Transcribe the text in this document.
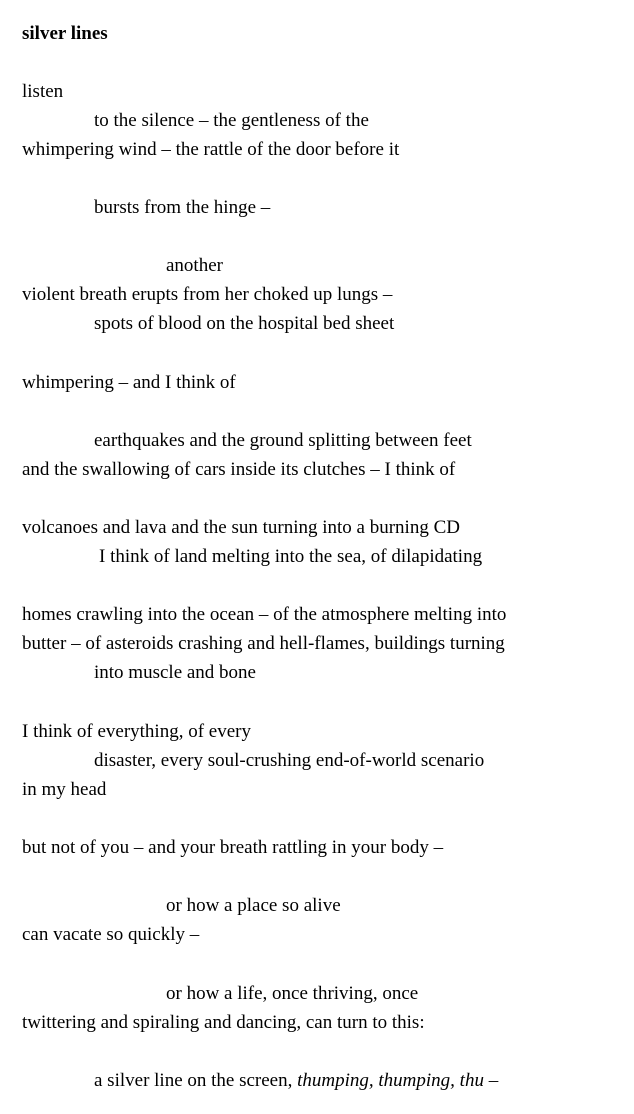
silver lines
listen
to the silence – the gentleness of the
whimpering wind – the rattle of the door before it
bursts from the hinge –
another
violent breath erupts from her choked up lungs –
spots of blood on the hospital bed sheet
whimpering – and I think of
earthquakes and the ground splitting between feet
and the swallowing of cars inside its clutches – I think of
volcanoes and lava and the sun turning into a burning CD
I think of land melting into the sea, of dilapidating
homes crawling into the ocean – of the atmosphere melting into
butter – of asteroids crashing and hell-flames, buildings turning
into muscle and bone
I think of everything, of every
disaster, every soul-crushing end-of-world scenario
in my head
but not of you – and your breath rattling in your body –
or how a place so alive
can vacate so quickly –
or how a life, once thriving, once
twittering and spiraling and dancing, can turn to this:
a silver line on the screen, thumping, thumping, thu –
